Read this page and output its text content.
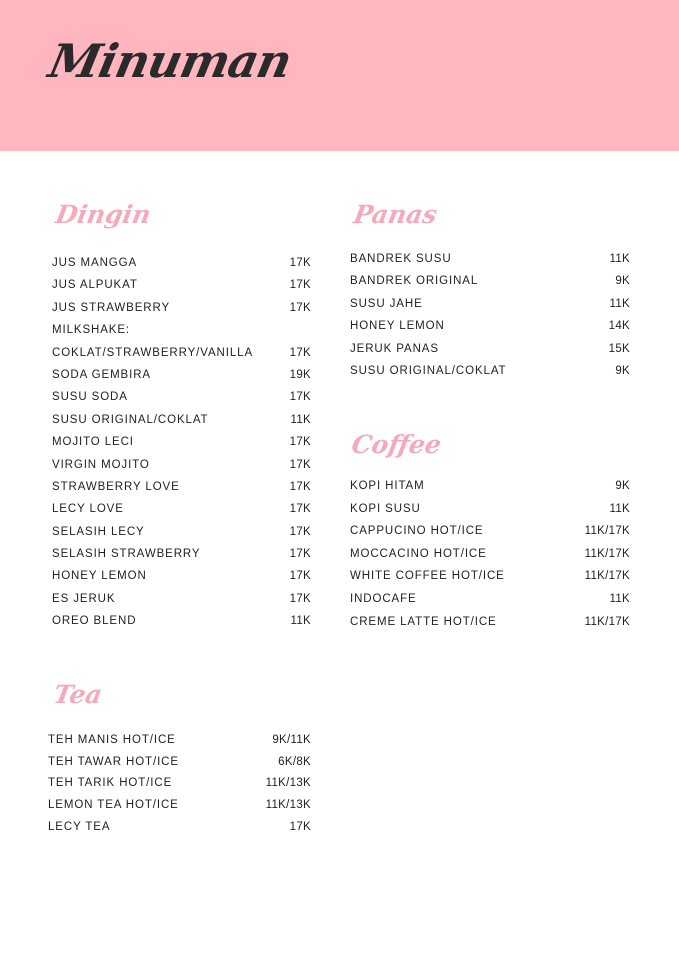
Minuman
Dingin
JUS MANGGA	17K
JUS ALPUKAT	17K
JUS STRAWBERRY	17K
MILKSHAKE:
COKLAT/STRAWBERRY/VANILLA	17K
SODA GEMBIRA	19K
SUSU SODA	17K
SUSU ORIGINAL/COKLAT	11K
MOJITO LECI	17K
VIRGIN MOJITO	17K
STRAWBERRY LOVE	17K
LECY LOVE	17K
SELASIH LECY	17K
SELASIH STRAWBERRY	17K
HONEY LEMON	17K
ES JERUK	17K
OREO BLEND	11K
Panas
BANDREK SUSU	11K
BANDREK ORIGINAL	9K
SUSU JAHE	11K
HONEY LEMON	14K
JERUK PANAS	15K
SUSU ORIGINAL/COKLAT	9K
Coffee
KOPI HITAM	9K
KOPI SUSU	11K
CAPPUCINO HOT/ICE	11K/17K
MOCCACINO HOT/ICE	11K/17K
WHITE COFFEE HOT/ICE	11K/17K
INDOCAFE	11K
CREME LATTE HOT/ICE	11K/17K
Tea
TEH MANIS HOT/ICE	9K/11K
TEH TAWAR HOT/ICE	6K/8K
TEH TARIK HOT/ICE	11K/13K
LEMON TEA HOT/ICE	11K/13K
LECY TEA	17K
